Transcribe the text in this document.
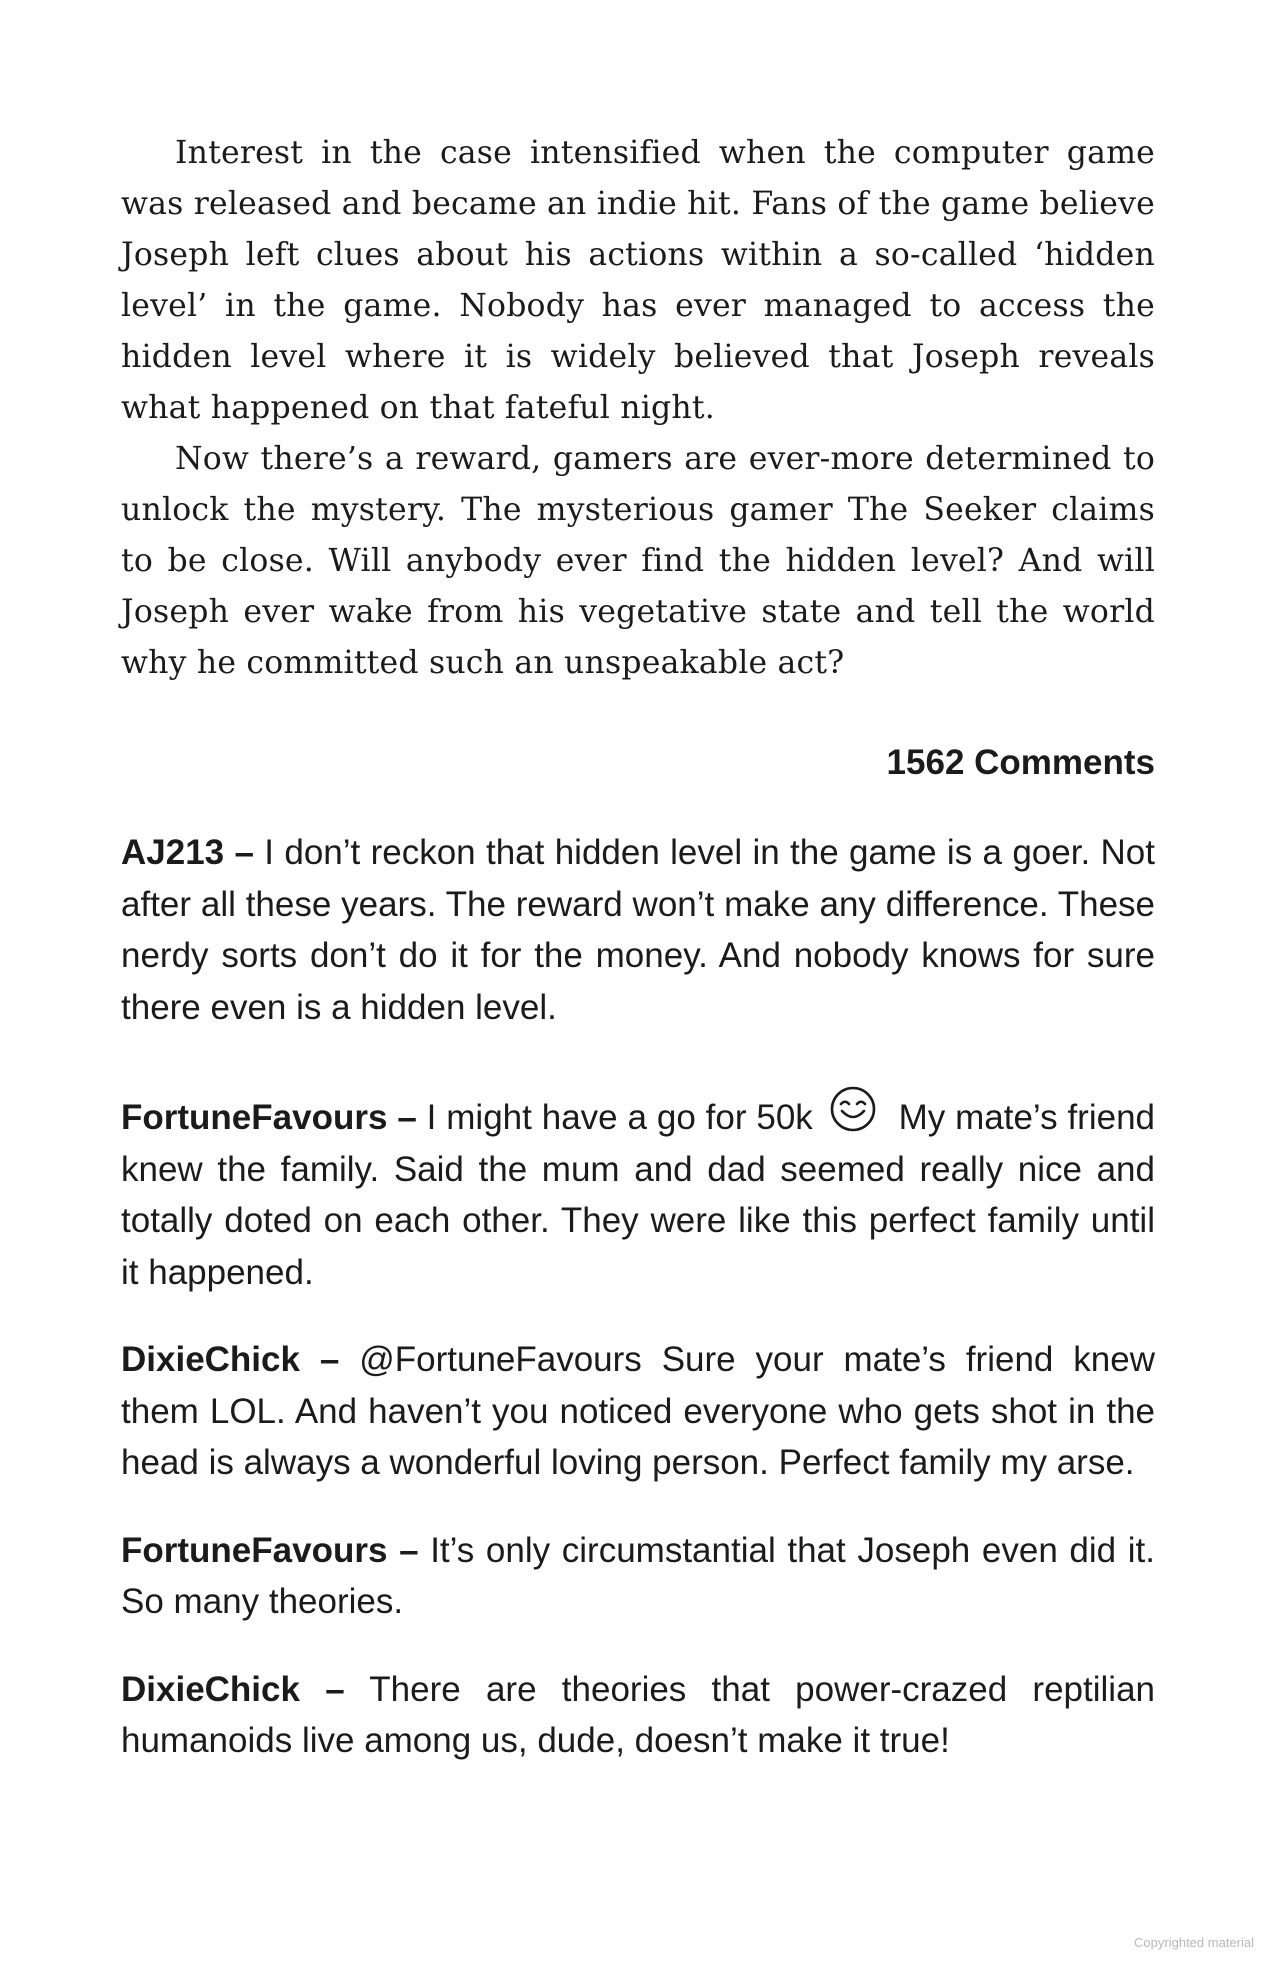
Interest in the case intensified when the computer game was released and became an indie hit. Fans of the game believe Joseph left clues about his actions within a so-called ‘hidden level’ in the game. Nobody has ever managed to access the hidden level where it is widely believed that Joseph reveals what happened on that fateful night.

Now there’s a reward, gamers are ever-more determined to unlock the mystery. The mysterious gamer The Seeker claims to be close. Will anybody ever find the hidden level? And will Joseph ever wake from his vegetative state and tell the world why he committed such an unspeakable act?

1562 Comments

AJ213 – I don’t reckon that hidden level in the game is a goer. Not after all these years. The reward won’t make any difference. These nerdy sorts don’t do it for the money. And nobody knows for sure there even is a hidden level.

FortuneFavours – I might have a go for 50k My mate’s friend knew the family. Said the mum and dad seemed really nice and totally doted on each other. They were like this perfect family until it happened.

DixieChick – @FortuneFavours Sure your mate’s friend knew them LOL. And haven’t you noticed everyone who gets shot in the head is always a wonderful loving person. Perfect family my arse.

FortuneFavours – It’s only circumstantial that Joseph even did it. So many theories.

DixieChick – There are theories that power-crazed reptilian humanoids live among us, dude, doesn’t make it true!

Copyrighted material
